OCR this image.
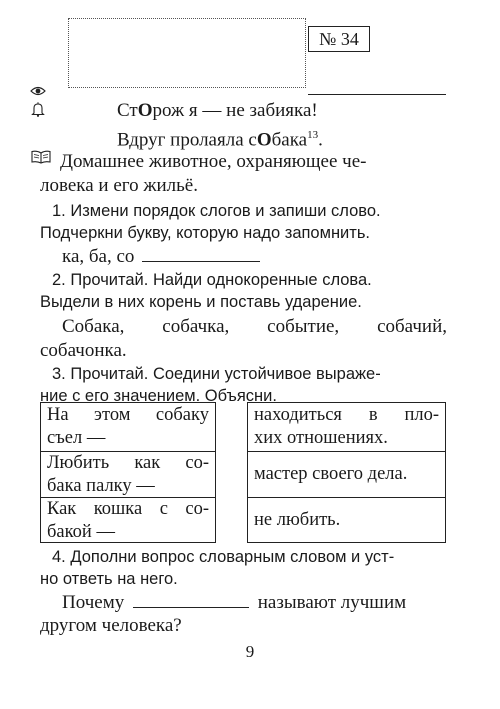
№ 34
СтОрож я — не забияка!
Вдруг пролаяла сОбака$^{13}$.
Домашнее животное, охраняющее че-
ловека и его жильё.
1. Измени порядок слогов и запиши слово.
Подчеркни букву, которую надо запомнить.
ка, ба, со
2. Прочитай. Найди однокоренные слова.
Выдели в них корень и поставь ударение.
Собака, собачка, событие, собачий,
собачонка.
3. Прочитай. Соедини устойчивое выраже-
ние с его значением. Объясни.
На этом собаку
съел —
Любить как со-
бака палку —
Как кошка с со-
бакой —
находиться в пло-
хих отношениях.
мастер своего дела.
не любить.
4. Дополни вопрос словарным словом и уст-
но ответь на него.
Почему	называют лучшим
другом человека?
9
